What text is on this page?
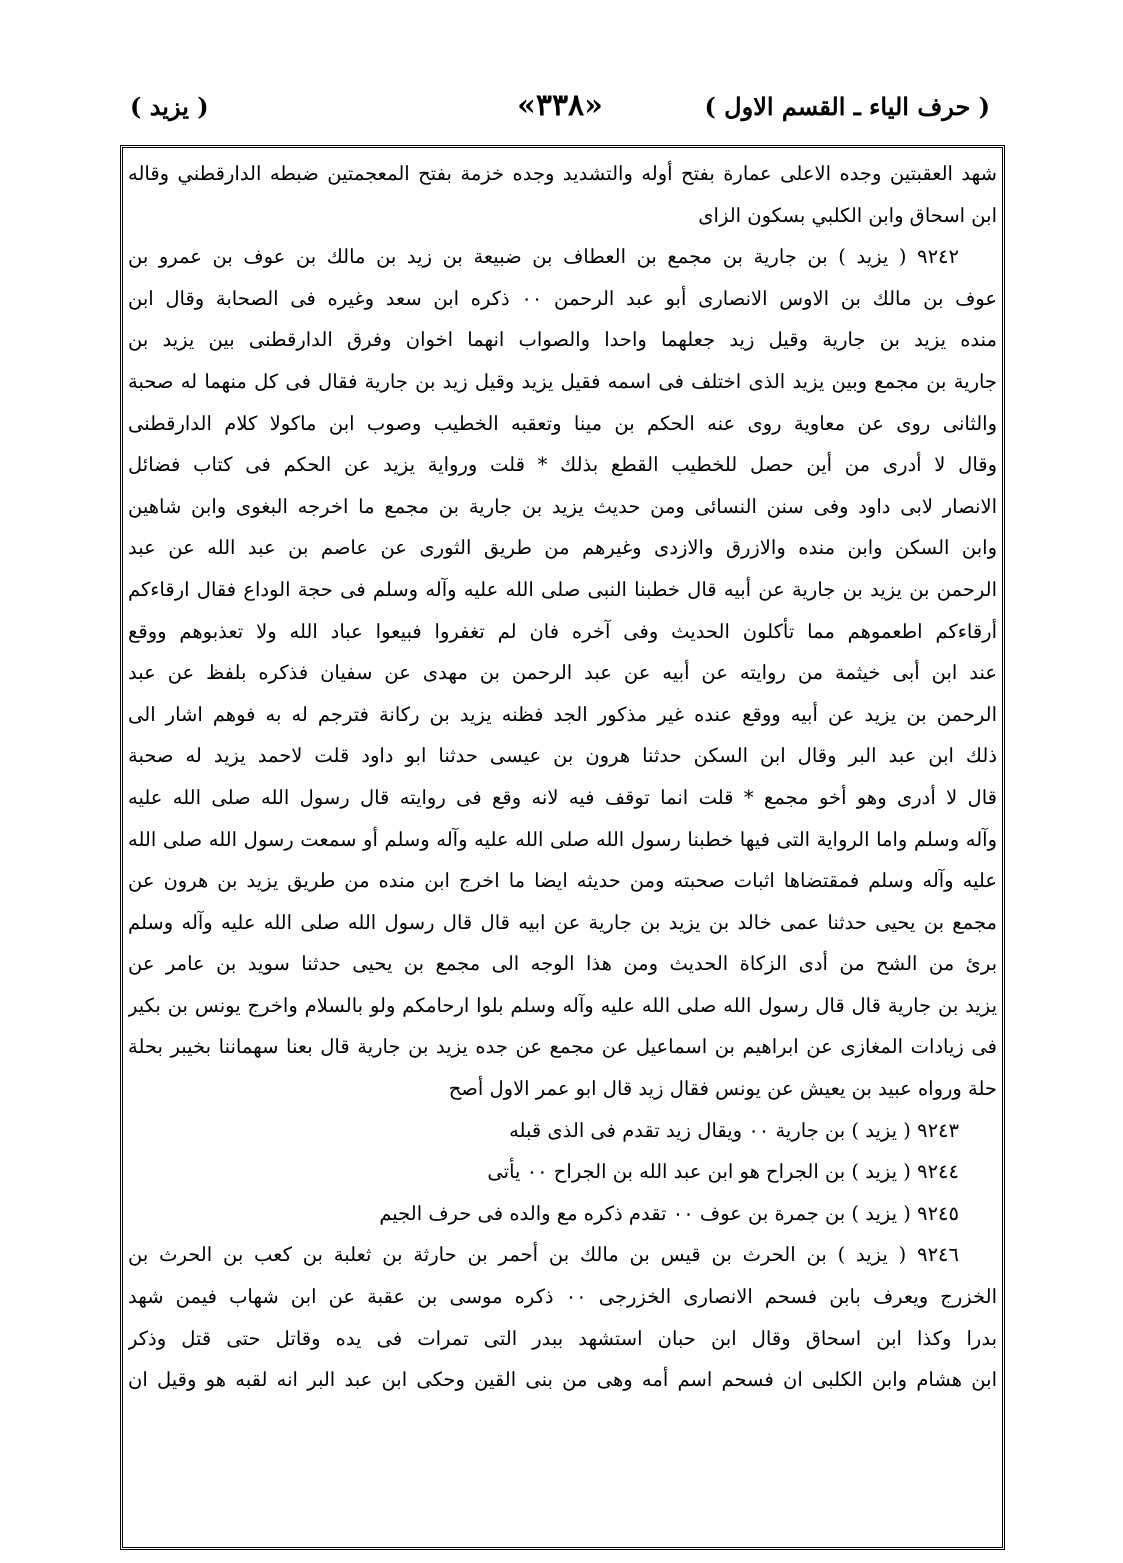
( حرف الياء ـ القسم الاول )
«٣٣٨»
( يزيد )
شهد العقبتين وجده الاعلى عمارة بفتح أوله والتشديد وجده خزمة بفتح المعجمتين ضبطه الدارقطني وقاله
ابن اسحاق وابن الكلبي بسكون الزاى
٩٢٤٢ ( يزيد ) بن جارية بن مجمع بن العطاف بن ضبيعة بن زيد بن مالك بن عوف بن عمرو بن
عوف بن مالك بن الاوس الانصارى أبو عبد الرحمن ٠٠ ذكره ابن سعد وغيره فى الصحابة وقال ابن
منده يزيد بن جارية وقيل زيد جعلهما واحدا والصواب انهما اخوان وفرق الدارقطنى بين يزيد بن
جارية بن مجمع وبين يزيد الذى اختلف فى اسمه فقيل يزيد وقيل زيد بن جارية فقال فى كل منهما له صحبة
والثانى روى عن معاوية روى عنه الحكم بن مينا وتعقبه الخطيب وصوب ابن ماكولا كلام الدارقطنى
وقال لا أدرى من أين حصل للخطيب القطع بذلك * قلت ورواية يزيد عن الحكم فى كتاب فضائل
الانصار لابى داود وفى سنن النسائى ومن حديث يزيد بن جارية بن مجمع ما اخرجه البغوى وابن شاهين
وابن السكن وابن منده والازرق والازدى وغيرهم من طريق الثورى عن عاصم بن عبد الله عن عبد
الرحمن بن يزيد بن جارية عن أبيه قال خطبنا النبى صلى الله عليه وآله وسلم فى حجة الوداع فقال ارقاءكم
أرقاءكم اطعموهم مما تأكلون الحديث وفى آخره فان لم تغفروا فبيعوا عباد الله ولا تعذبوهم ووقع
عند ابن أبى خيثمة من روايته عن أبيه عن عبد الرحمن بن مهدى عن سفيان فذكره بلفظ عن عبد
الرحمن بن يزيد عن أبيه ووقع عنده غير مذكور الجد فظنه يزيد بن ركانة فترجم له به فوهم اشار الى
ذلك ابن عبد البر وقال ابن السكن حدثنا هرون بن عيسى حدثنا ابو داود قلت لاحمد يزيد له صحبة
قال لا أدرى وهو أخو مجمع * قلت انما توقف فيه لانه وقع فى روايته قال رسول الله صلى الله عليه
وآله وسلم واما الرواية التى فيها خطبنا رسول الله صلى الله عليه وآله وسلم أو سمعت رسول الله صلى الله
عليه وآله وسلم فمقتضاها اثبات صحبته ومن حديثه ايضا ما اخرج ابن منده من طريق يزيد بن هرون عن
مجمع بن يحيى حدثنا عمى خالد بن يزيد بن جارية عن ابيه قال قال رسول الله صلى الله عليه وآله وسلم
برئ من الشح من أدى الزكاة الحديث ومن هذا الوجه الى مجمع بن يحيى حدثنا سويد بن عامر عن
يزيد بن جارية قال قال رسول الله صلى الله عليه وآله وسلم بلوا ارحامكم ولو بالسلام واخرج يونس بن بكير
فى زيادات المغازى عن ابراهيم بن اسماعيل عن مجمع عن جده يزيد بن جارية قال بعنا سهماننا بخيبر بحلة
حلة ورواه عبيد بن يعيش عن يونس فقال زيد قال ابو عمر الاول أصح
٩٢٤٣ ( يزيد ) بن جارية ٠٠ ويقال زيد تقدم فى الذى قبله
٩٢٤٤ ( يزيد ) بن الجراح هو ابن عبد الله بن الجراح ٠٠ يأتى
٩٢٤٥ ( يزيد ) بن جمرة بن عوف ٠٠ تقدم ذكره مع والده فى حرف الجيم
٩٢٤٦ ( يزيد ) بن الحرث بن قيس بن مالك بن أحمر بن حارثة بن ثعلبة بن كعب بن الحرث بن
الخزرج ويعرف بابن فسحم الانصارى الخزرجى ٠٠ ذكره موسى بن عقبة عن ابن شهاب فيمن شهد
بدرا وكذا ابن اسحاق وقال ابن حبان استشهد ببدر التى تمرات فى يده وقاتل حتى قتل وذكر
ابن هشام وابن الكلبى ان فسحم اسم أمه وهى من بنى القين وحكى ابن عبد البر انه لقبه هو وقيل ان
